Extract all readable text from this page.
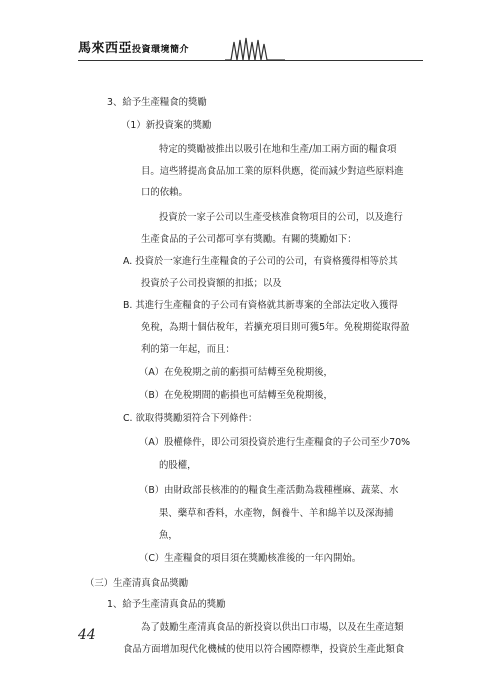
馬來西亞投資環境簡介
3、給予生產糧食的獎勵
（1）新投資案的獎勵
特定的獎勵被推出以吸引在地和生產/加工兩方面的糧食項
目。這些將提高食品加工業的原料供應，從而減少對這些原料進
口的依賴。
投資於一家子公司以生產受核准食物項目的公司，以及進行
生產食品的子公司都可享有獎勵。有關的獎勵如下：
A. 投資於一家進行生產糧食的子公司的公司，有資格獲得相等於其
投資於子公司投資額的扣抵；以及
B. 其進行生產糧食的子公司有資格就其新專案的全部法定收入獲得
免稅，為期十個估稅年，若擴充項目則可獲5年。免稅期從取得盈
利的第一年起，而且：
（A）在免稅期之前的虧損可結轉至免稅期後，
（B）在免稅期間的虧損也可結轉至免稅期後，
C. 欲取得獎勵須符合下列條件：
（A）股權條件，即公司須投資於進行生產糧食的子公司至少70%
的股權，
（B）由財政部長核准的的糧食生產活動為栽種槿麻、蔬菜、水
果、藥草和香料，水產物，飼養牛、羊和綿羊以及深海捕
魚，
（C）生產糧食的項目須在獎勵核准後的一年內開始。
（三）生產清真食品獎勵
1、給予生產清真食品的獎勵
為了鼓勵生產清真食品的新投資以供出口市場，以及在生產這類
食品方面增加現代化機械的使用以符合國際標準，投資於生產此類食
44
